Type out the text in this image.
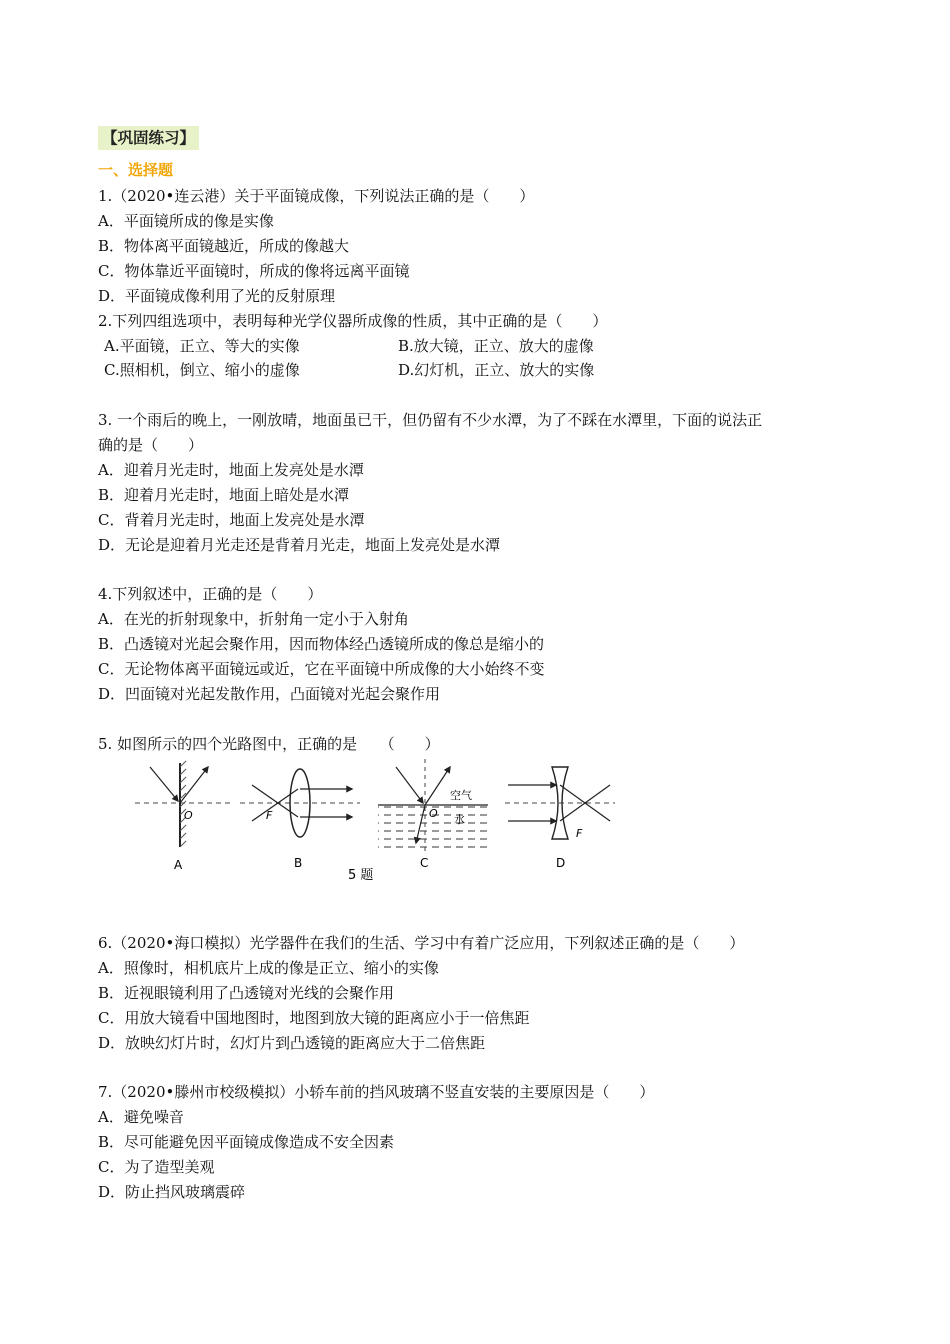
【巩固练习】
一、选择题
1.（2020•连云港）关于平面镜成像，下列说法正确的是（　　）
A．平面镜所成的像是实像
B．物体离平面镜越近，所成的像越大
C．物体靠近平面镜时，所成的像将远离平面镜
D．平面镜成像利用了光的反射原理
2.下列四组选项中，表明每种光学仪器所成像的性质，其中正确的是（　　）
A.平面镜，正立、等大的实像	B.放大镜，正立、放大的虚像
C.照相机，倒立、缩小的虚像	D.幻灯机，正立、放大的实像
3. 一个雨后的晚上，一刚放晴，地面虽已干，但仍留有不少水潭，为了不踩在水潭里，下面的说法正
确的是（　　）
A．迎着月光走时，地面上发亮处是水潭
B．迎着月光走时，地面上暗处是水潭
C．背着月光走时，地面上发亮处是水潭
D．无论是迎着月光走还是背着月光走，地面上发亮处是水潭
4.下列叙述中，正确的是（　　）
A．在光的折射现象中，折射角一定小于入射角
B．凸透镜对光起会聚作用，因而物体经凸透镜所成的像总是缩小的
C．无论物体离平面镜远或近，它在平面镜中所成像的大小始终不变
D．凹面镜对光起发散作用，凸面镜对光起会聚作用
5. 如图所示的四个光路图中，正确的是　　（　　）
O
A
F
B
O
空气
水
C
F
D
5 题
6.（2020•海口模拟）光学器件在我们的生活、学习中有着广泛应用，下列叙述正确的是（　　）
A．照像时，相机底片上成的像是正立、缩小的实像
B．近视眼镜利用了凸透镜对光线的会聚作用
C．用放大镜看中国地图时，地图到放大镜的距离应小于一倍焦距
D．放映幻灯片时，幻灯片到凸透镜的距离应大于二倍焦距
7.（2020•滕州市校级模拟）小轿车前的挡风玻璃不竖直安装的主要原因是（　　）
A．避免噪音
B．尽可能避免因平面镜成像造成不安全因素
C．为了造型美观
D．防止挡风玻璃震碎
